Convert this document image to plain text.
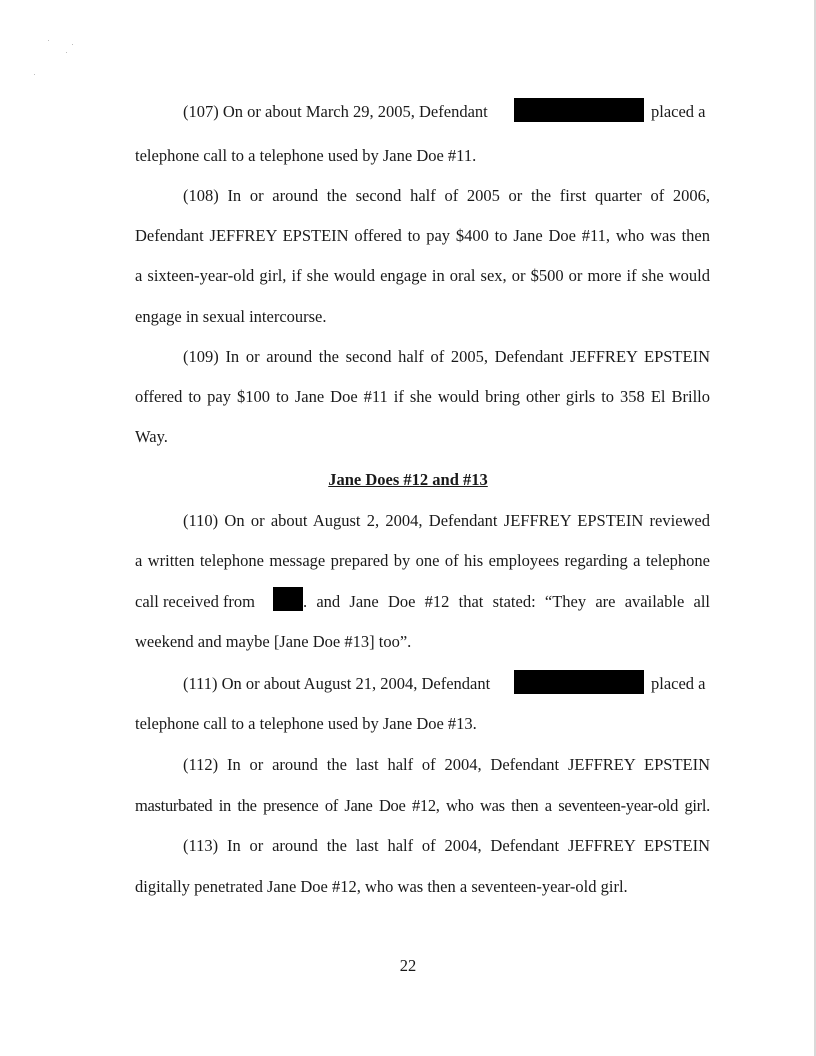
(107) On or about March 29, 2005, Defendant	placed a
telephone call to a telephone used by Jane Doe #11.
(108) In or around the second half of 2005 or the first quarter of 2006,
Defendant JEFFREY EPSTEIN offered to pay $400 to Jane Doe #11, who was then
a sixteen-year-old girl, if she would engage in oral sex, or $500 or more if she would
engage in sexual intercourse.
(109) In or around the second half of 2005, Defendant JEFFREY EPSTEIN
offered to pay $100 to Jane Doe #11 if she would bring other girls to 358 El Brillo
Way.
Jane Does #12 and #13
(110) On or about August 2, 2004, Defendant JEFFREY EPSTEIN reviewed
a written telephone message prepared by one of his employees regarding a telephone
call received from	. and Jane Doe #12 that stated: “They are available all
weekend and maybe [Jane Doe #13] too”.
(111) On or about August 21, 2004, Defendant	placed a
telephone call to a telephone used by Jane Doe #13.
(112) In or around the last half of 2004, Defendant JEFFREY EPSTEIN
masturbated in the presence of Jane Doe #12, who was then a seventeen-year-old girl.
(113) In or around the last half of 2004, Defendant JEFFREY EPSTEIN
digitally penetrated Jane Doe #12, who was then a seventeen-year-old girl.
22
